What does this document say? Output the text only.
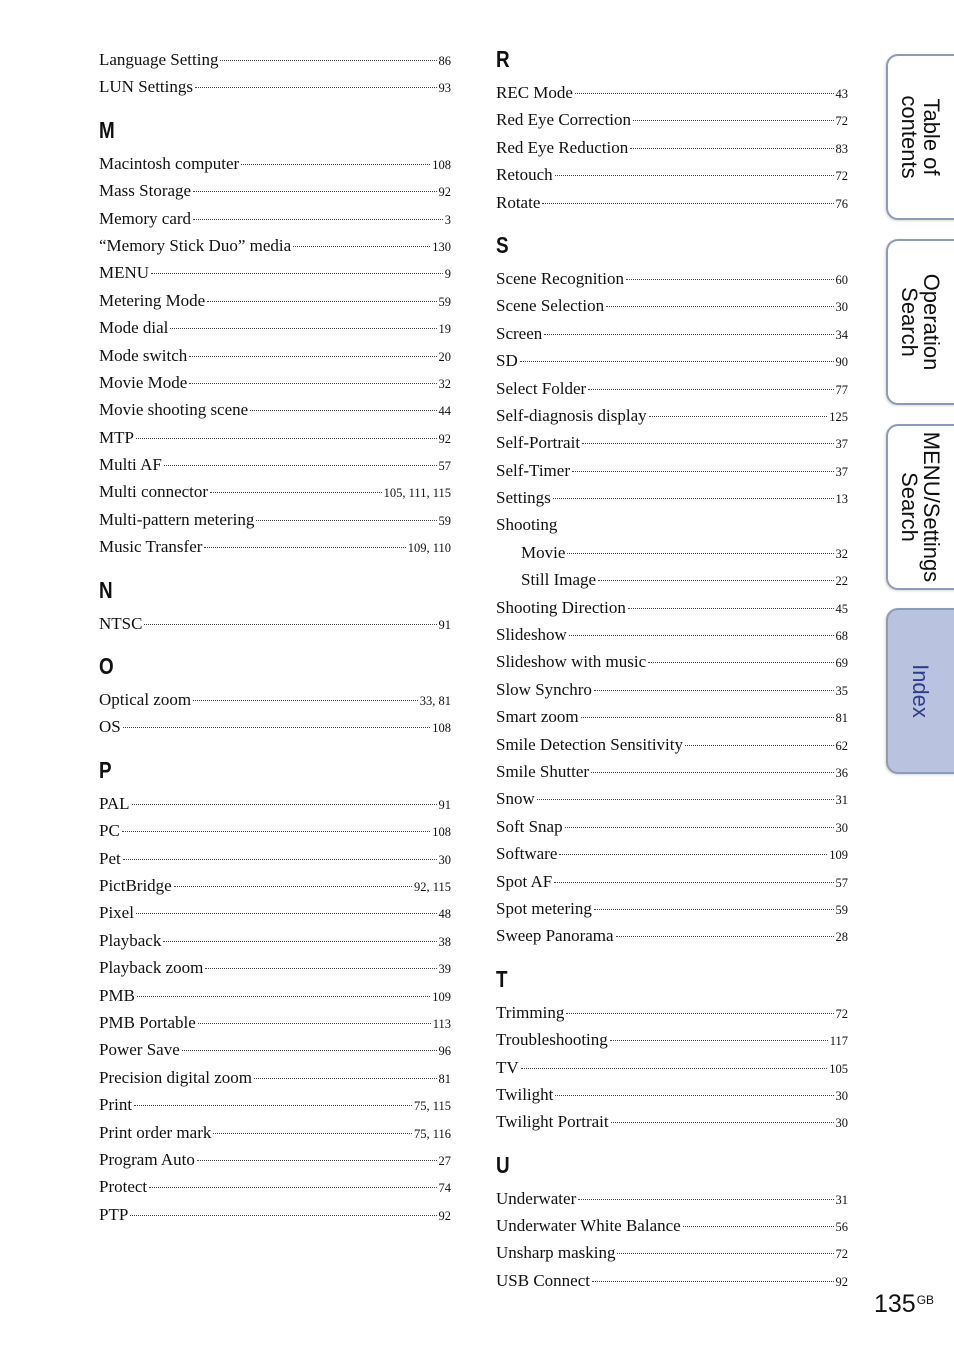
Language Setting	86
LUN Settings	93
M
Macintosh computer	108
Mass Storage	92
Memory card	3
“Memory Stick Duo” media	130
MENU	9
Metering Mode	59
Mode dial	19
Mode switch	20
Movie Mode	32
Movie shooting scene	44
MTP	92
Multi AF	57
Multi connector	105, 111, 115
Multi-pattern metering	59
Music Transfer	109, 110
N
NTSC	91
O
Optical zoom	33, 81
OS	108
P
PAL	91
PC	108
Pet	30
PictBridge	92, 115
Pixel	48
Playback	38
Playback zoom	39
PMB	109
PMB Portable	113
Power Save	96
Precision digital zoom	81
Print	75, 115
Print order mark	75, 116
Program Auto	27
Protect	74
PTP	92
R
REC Mode	43
Red Eye Correction	72
Red Eye Reduction	83
Retouch	72
Rotate	76
S
Scene Recognition	60
Scene Selection	30
Screen	34
SD	90
Select Folder	77
Self-diagnosis display	125
Self-Portrait	37
Self-Timer	37
Settings	13
Shooting
Movie	32
Still Image	22
Shooting Direction	45
Slideshow	68
Slideshow with music	69
Slow Synchro	35
Smart zoom	81
Smile Detection Sensitivity	62
Smile Shutter	36
Snow	31
Soft Snap	30
Software	109
Spot AF	57
Spot metering	59
Sweep Panorama	28
T
Trimming	72
Troubleshooting	117
TV	105
Twilight	30
Twilight Portrait	30
U
Underwater	31
Underwater White Balance	56
Unsharp masking	72
USB Connect	92
Table of
contents
Operation
Search
MENU/Settings
Search
Index
$135^{GB}$
